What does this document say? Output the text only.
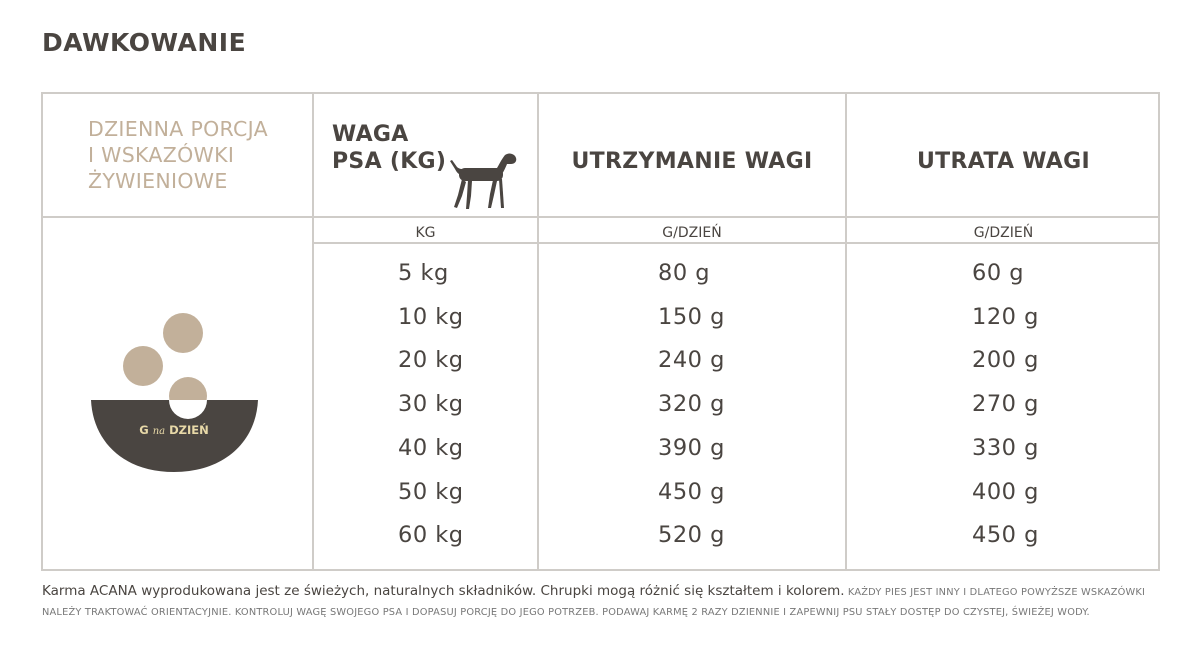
DAWKOWANIE
DZIENNA PORCJA
I WSKAZÓWKI
ŻYWIENIOWE
WAGA
PSA (KG)	UTRZYMANIE WAGI	UTRATA WAGI
KG	G/DZIEŃ	G/DZIEŃ
G na DZIEŃ
5 kg	80 g	60 g
10 kg	150 g	120 g
20 kg	240 g	200 g
30 kg	320 g	270 g
40 kg	390 g	330 g
50 kg	450 g	400 g
60 kg	520 g	450 g
Karma ACANA wyprodukowana jest ze świeżych, naturalnych składników. Chrupki mogą różnić się kształtem i kolorem. KAŻDY PIES JEST INNY I DLATEGO POWYŻSZE WSKAZÓWKI NALEŻY TRAKTOWAĆ ORIENTACYJNIE. KONTROLUJ WAGĘ SWOJEGO PSA I DOPASUJ PORCJĘ DO JEGO POTRZEB. PODAWAJ KARMĘ 2 RAZY DZIENNIE I ZAPEWNIJ PSU STAŁY DOSTĘP DO CZYSTEJ, ŚWIEŻEJ WODY.
